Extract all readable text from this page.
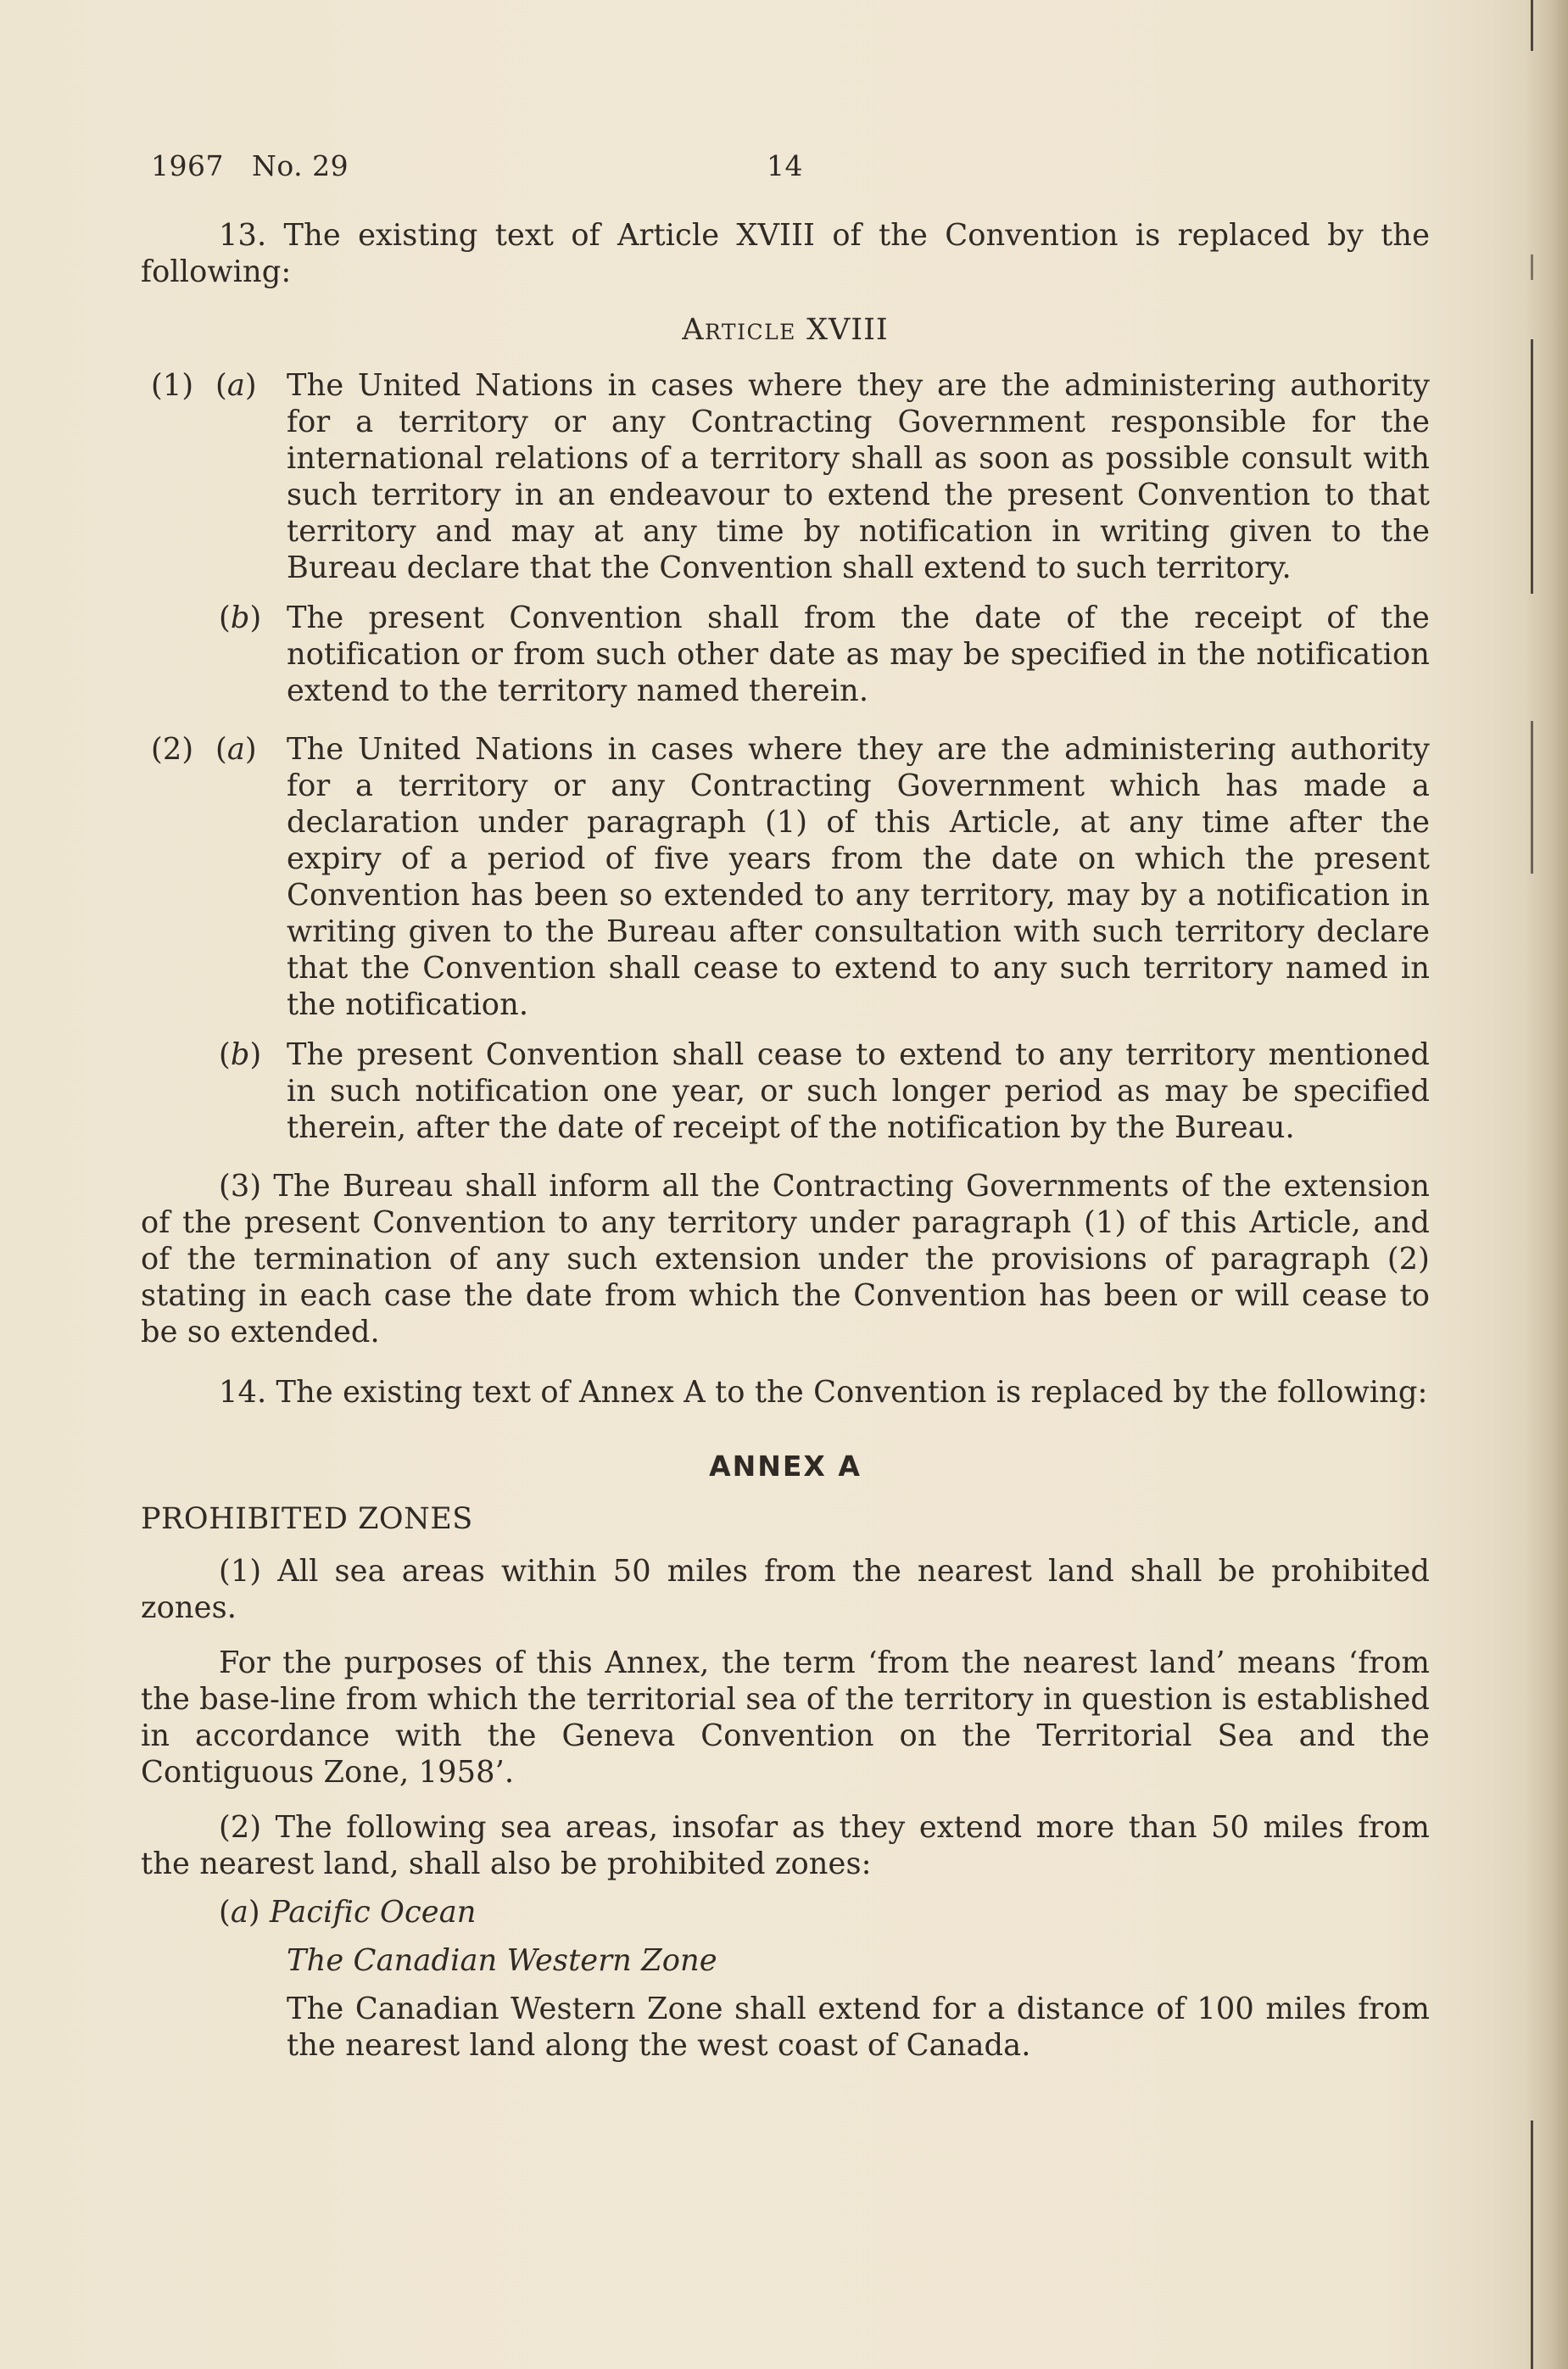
1967   No. 29	14

13. The existing text of Article XVIII of the Convention is replaced by the following:

Article XVIII

(1) (a) The United Nations in cases where they are the administering authority for a territory or any Contracting Government responsible for the international relations of a territory shall as soon as possible consult with such territory in an endeavour to extend the present Convention to that territory and may at any time by notification in writing given to the Bureau declare that the Convention shall extend to such territory.
(b) The present Convention shall from the date of the receipt of the notification or from such other date as may be specified in the notification extend to the territory named therein.
(2) (a) The United Nations in cases where they are the administering authority for a territory or any Contracting Government which has made a declaration under paragraph (1) of this Article, at any time after the expiry of a period of five years from the date on which the present Convention has been so extended to any territory, may by a notification in writing given to the Bureau after consultation with such territory declare that the Convention shall cease to extend to any such territory named in the notification.
(b) The present Convention shall cease to extend to any territory mentioned in such notification one year, or such longer period as may be specified therein, after the date of receipt of the notification by the Bureau.

(3) The Bureau shall inform all the Contracting Governments of the extension of the present Convention to any territory under paragraph (1) of this Article, and of the termination of any such extension under the provisions of paragraph (2) stating in each case the date from which the Convention has been or will cease to be so extended.

14. The existing text of Annex A to the Convention is replaced by the following:

ANNEX A

PROHIBITED ZONES

(1) All sea areas within 50 miles from the nearest land shall be prohibited zones.

For the purposes of this Annex, the term ‘from the nearest land’ means ‘from the base-line from which the territorial sea of the territory in question is established in accordance with the Geneva Convention on the Territorial Sea and the Contiguous Zone, 1958’.

(2) The following sea areas, insofar as they extend more than 50 miles from the nearest land, shall also be prohibited zones:

(a) Pacific Ocean

The Canadian Western Zone

The Canadian Western Zone shall extend for a distance of 100 miles from the nearest land along the west coast of Canada.
